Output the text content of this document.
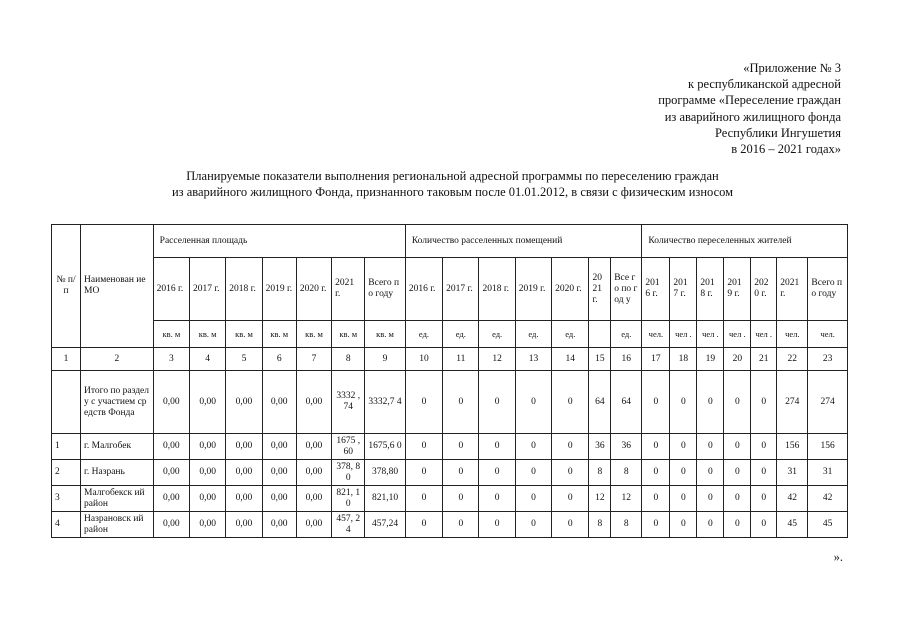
«Приложение № 3
к республиканской адресной
программе «Переселение граждан
из аварийного жилищного фонда
Республики Ингушетия
в 2016 – 2021 годах»
Планируемые показатели выполнения региональной адресной программы по переселению граждан
из аварийного жилищного Фонда, признанного таковым после 01.01.2012, в связи с физическим износом
№ п/п	Наименован ие МО	Расселенная площадь							Количество расселенных помещений							Количество переселенных жителей						
		2016 г.	2017 г.	2018 г.	2019 г.	2020 г.	2021 г.	Всего по году	2016 г.	2017 г.	2018 г.	2019 г.	2020 г.	20 21 г.	Все го по год у	201 6 г.	201 7 г.	201 8 г.	201 9 г.	202 0 г.	2021 г.	Всего по году
		кв. м	кв. м	кв. м	кв. м	кв. м	кв. м	кв. м	ед.	ед.	ед.	ед.	ед.		ед.	чел.	чел .	чел .	чел .	чел .	чел.	чел.
1	2	3	4	5	6	7	8	9	10	11	12	13	14	15	16	17	18	19	20	21	22	23
	Итого по разделу с участием средств Фонда	0,00	0,00	0,00	0,00	0,00	3332 ,74	3332,7 4	0	0	0	0	0	64	64	0	0	0	0	0	274	274
1	г. Малгобек	0,00	0,00	0,00	0,00	0,00	1675 ,60	1675,6 0	0	0	0	0	0	36	36	0	0	0	0	0	156	156
2	г. Назрань	0,00	0,00	0,00	0,00	0,00	378, 80	378,80	0	0	0	0	0	8	8	0	0	0	0	0	31	31
3	Малгобекск ий район	0,00	0,00	0,00	0,00	0,00	821, 10	821,10	0	0	0	0	0	12	12	0	0	0	0	0	42	42
4	Назрановск ий район	0,00	0,00	0,00	0,00	0,00	457, 24	457,24	0	0	0	0	0	8	8	0	0	0	0	0	45	45
».
